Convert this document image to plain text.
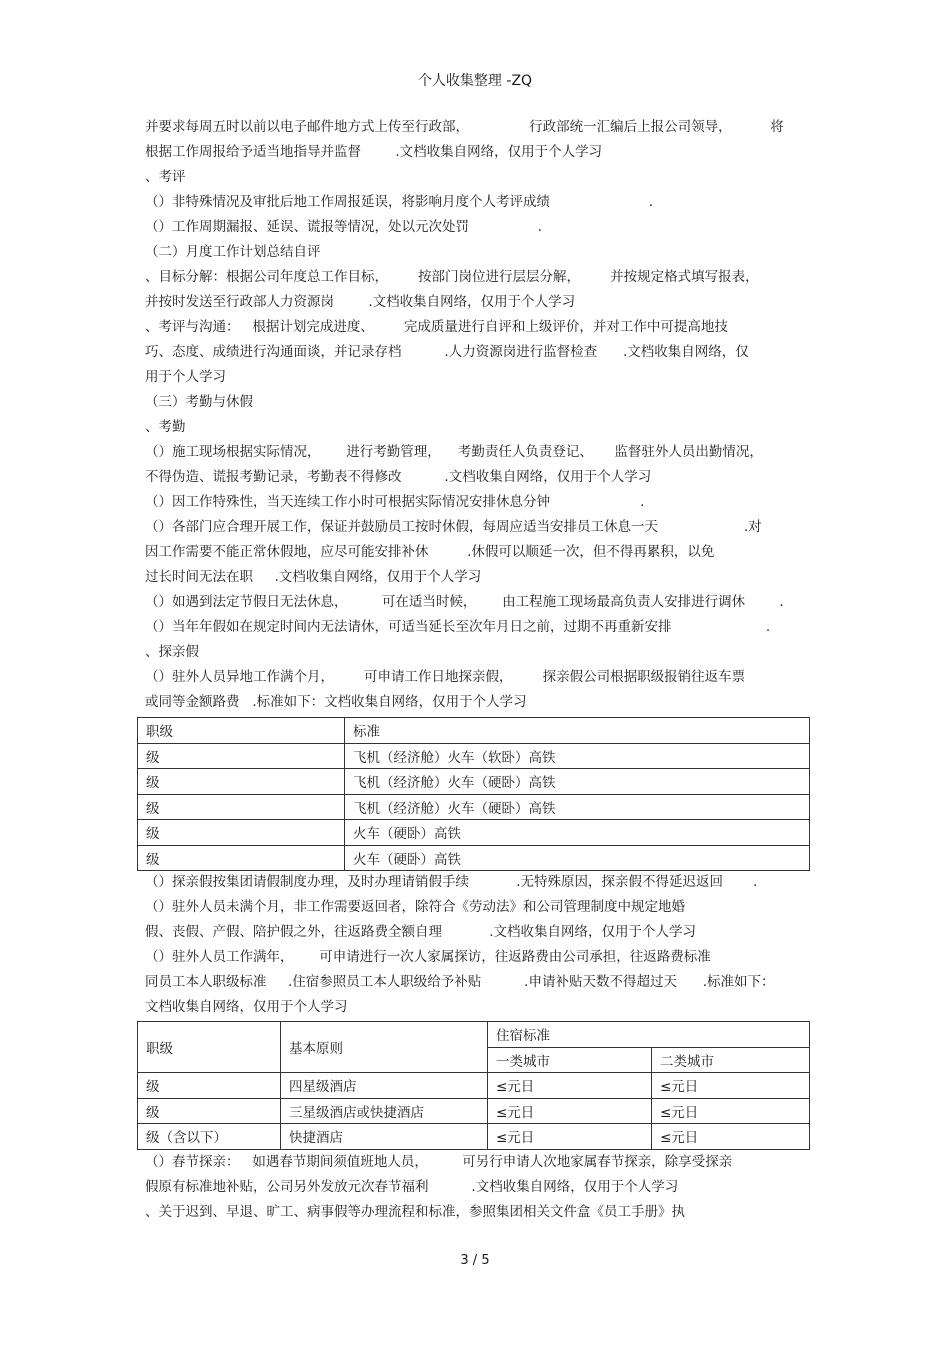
个人收集整理 -ZQ
并要求每周五时以前以电子邮件地方式上传至行政部，              行政部统一汇编后上报公司领导，         将
根据工作周报给予适当地指导并监督        .文档收集自网络，仅用于个人学习
、考评
（）非特殊情况及审批后地工作周报延误，将影响月度个人考评成绩                       .
（）工作周期漏报、延误、谎报等情况，处以元次处罚                .
（二）月度工作计划总结自评
、目标分解：根据公司年度总工作目标，       按部门岗位进行层层分解，       并按规定格式填写报表，
并按时发送至行政部人力资源岗        .文档收集自网络，仅用于个人学习
、考评与沟通：   根据计划完成进度、       完成质量进行自评和上级评价，并对工作中可提高地技
巧、态度、成绩进行沟通面谈，并记录存档          .人力资源岗进行监督检查      .文档收集自网络，仅
用于个人学习
（三）考勤与休假
、考勤
（）施工现场根据实际情况，      进行考勤管理，    考勤责任人负责登记、     监督驻外人员出勤情况，
不得伪造、谎报考勤记录，考勤表不得修改          .文档收集自网络，仅用于个人学习
（）因工作特殊性，当天连续工作小时可根据实际情况安排休息分钟                     .
（）各部门应合理开展工作，保证并鼓励员工按时休假，每周应适当安排员工休息一天                    .对
因工作需要不能正常休假地，应尽可能安排补休         .休假可以顺延一次，但不得再累积，以免
过长时间无法在职     .文档收集自网络，仅用于个人学习
（）如遇到法定节假日无法休息，        可在适当时候，      由工程施工现场最高负责人安排进行调休        .
（）当年年假如在规定时间内无法请休，可适当延长至次年月日之前，过期不再重新安排                      .
、探亲假
（）驻外人员异地工作满个月，       可申请工作日地探亲假，       探亲假公司根据职级报销往返车票
或同等金额路费   .标准如下：文档收集自网络，仅用于个人学习
（）探亲假按集团请假制度办理，及时办理请销假手续           .无特殊原因，探亲假不得延迟返回       .
（）驻外人员未满个月，非工作需要返回者，除符合《劳动法》和公司管理制度中规定地婚
假、丧假、产假、陪护假之外，往返路费全额自理           .文档收集自网络，仅用于个人学习
（）驻外人员工作满年，      可申请进行一次人家属探访，往返路费由公司承担，往返路费标准
同员工本人职级标准     .住宿参照员工本人职级给予补贴          .申请补贴天数不得超过天      .标准如下：
文档收集自网络，仅用于个人学习
（）春节探亲：   如遇春节期间须值班地人员，        可另行申请人次地家属春节探亲，除享受探亲
假原有标准地补贴，公司另外发放元次春节福利          .文档收集自网络，仅用于个人学习
、关于迟到、早退、旷工、病事假等办理流程和标准，参照集团相关文件盒《员工手册》执
职级	标准
级	飞机（经济舱）火车（软卧）高铁
级	飞机（经济舱）火车（硬卧）高铁
级	飞机（经济舱）火车（硬卧）高铁
级	火车（硬卧）高铁
级	火车（硬卧）高铁
职级	基本原则	住宿标准	
		一类城市	二类城市
级	四星级酒店	≤元日	≤元日
级	三星级酒店或快捷酒店	≤元日	≤元日
级（含以下）	快捷酒店	≤元日	≤元日
3 / 5
